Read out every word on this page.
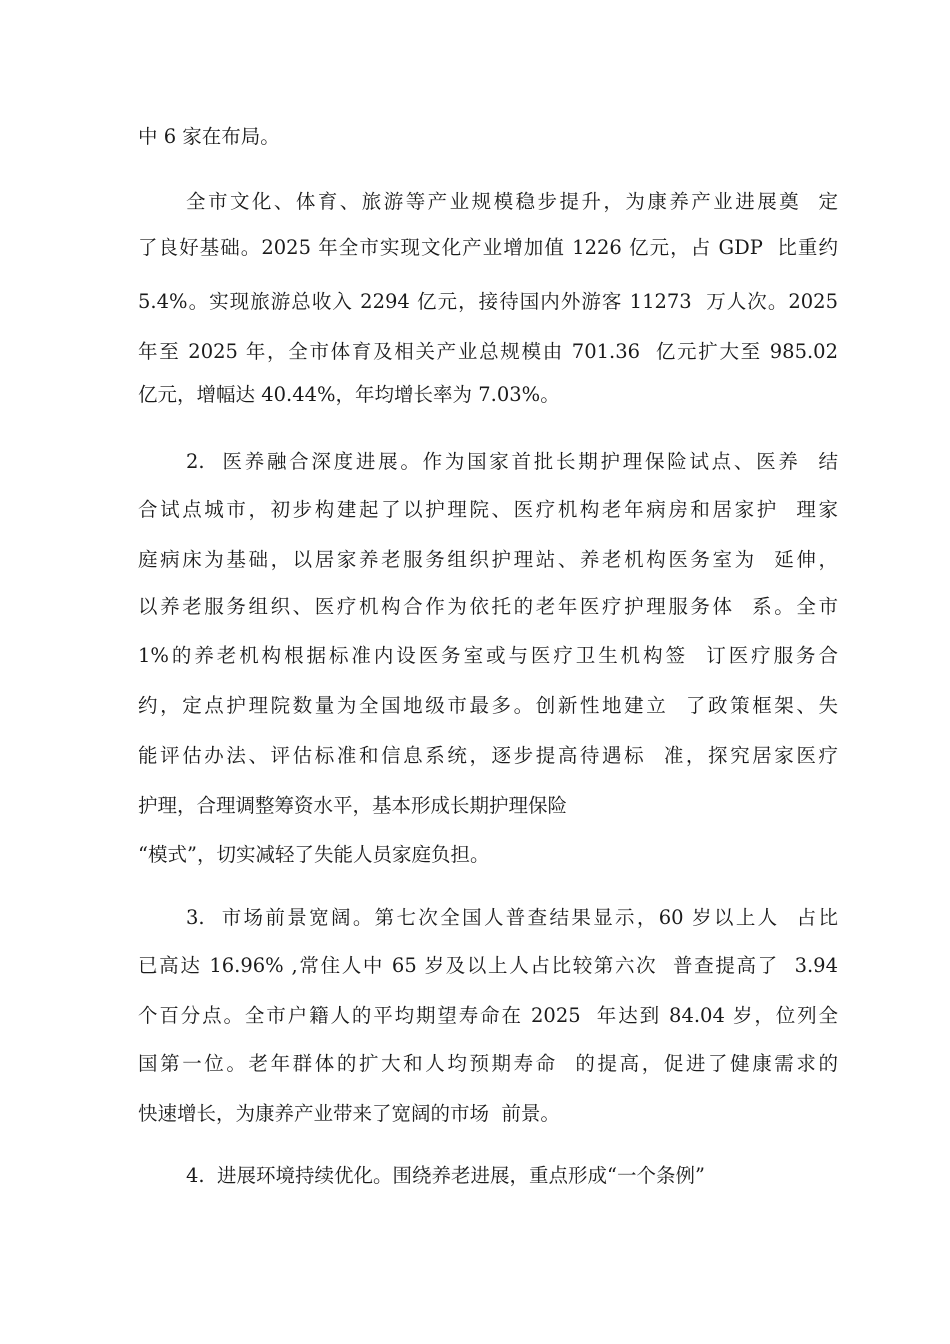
中 6 家在布局。
全市文化、体育、旅游等产业规模稳步提升，为康养产业进展奠  定
了良好基础。2025 年全市实现文化产业增加值 1226 亿元，占 GDP  比重约
5.4%。实现旅游总收入 2294 亿元，接待国内外游客 11273  万人次。2025
年至 2025 年，全市体育及相关产业总规模由 701.36  亿元扩大至 985.02
亿元，增幅达 40.44%，年均增长率为 7.03%。
2.  医养融合深度进展。作为国家首批长期护理保险试点、医养  结
合试点城市，初步构建起了以护理院、医疗机构老年病房和居家护  理家
庭病床为基础，以居家养老服务组织护理站、养老机构医务室为  延伸，
以养老服务组织、医疗机构合作为依托的老年医疗护理服务体  系。全市
1%的养老机构根据标准内设医务室或与医疗卫生机构签  订医疗服务合
约，定点护理院数量为全国地级市最多。创新性地建立  了政策框架、失
能评估办法、评估标准和信息系统，逐步提高待遇标  准，探究居家医疗
护理，合理调整筹资水平，基本形成长期护理保险
“模式”，切实减轻了失能人员家庭负担。
3.  市场前景宽阔。第七次全国人普查结果显示，60 岁以上人  占比
已高达 16.96% ,常住人中 65 岁及以上人占比较第六次  普查提高了  3.94
个百分点。全市户籍人的平均期望寿命在 2025  年达到 84.04 岁，位列全
国第一位。老年群体的扩大和人均预期寿命  的提高，促进了健康需求的
快速增长，为康养产业带来了宽阔的市场  前景。
4.  进展环境持续优化。围绕养老进展，重点形成“一个条例”
